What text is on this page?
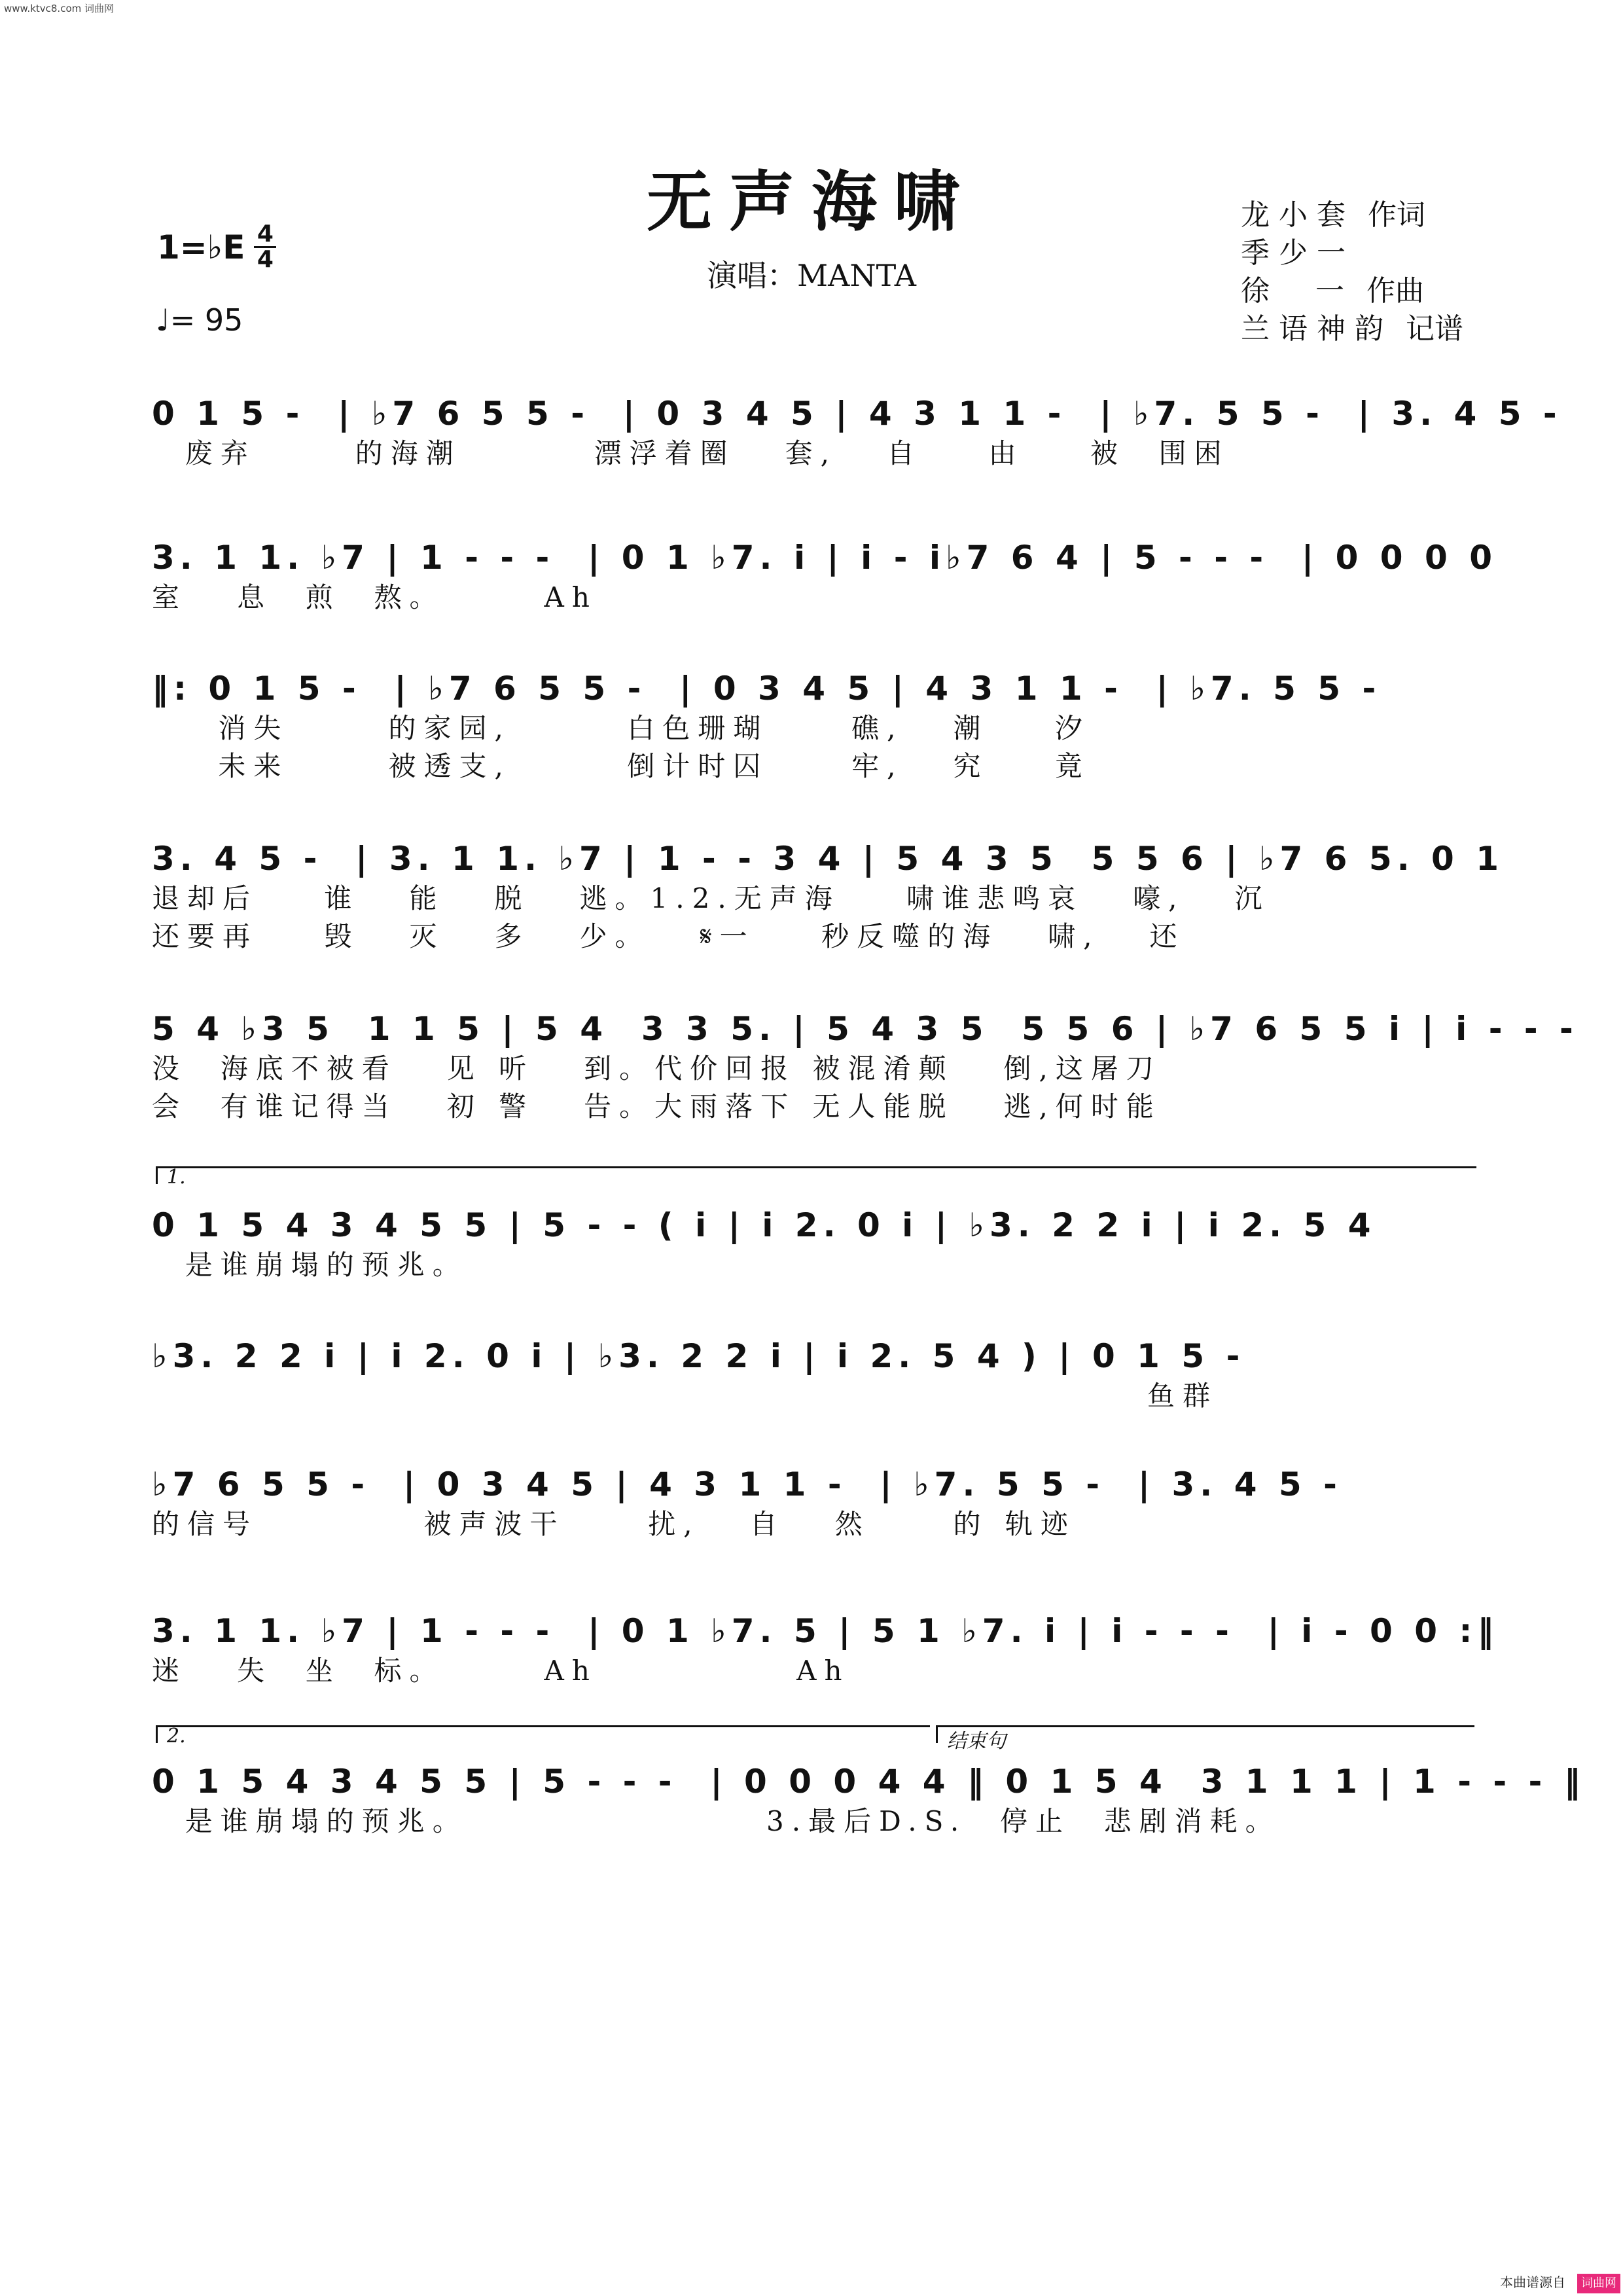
www.ktvc8.com 词曲网
无声海啸
演唱：MANTA
1=♭E $\frac{4}{4}$
♩= 95
龙小套 作词
季少一
徐  一 作曲
兰语神韵 记谱
0 1 5 -  | ♭7 6 5 5 -  | 0 3 4 5 | 4 3 1 1 -  | ♭7. 5 5 -  | 3. 4 5 -
废弃      的海潮        漂浮着圈   套,   自    由    被  围困
3. 1 1. ♭7 | 1 - - -  | 0 1 ♭7. i | i - i♭7 6 4 | 5 - - -  | 0 0 0 0
室   息  煎  熬。      Ah
‖: 0 1 5 -  | ♭7 6 5 5 -  | 0 3 4 5 | 4 3 1 1 -  | ♭7. 5 5 -
消失      的家园,       白色珊瑚     礁,   潮    汐
未来      被透支,       倒计时囚     牢,   究    竟
3. 4 5 -  | 3. 1 1. ♭7 | 1 - - 3 4 | 5 4 3 5  5 5 6 | ♭7 6 5. 0 1
退却后    谁   能   脱   逃。1.2.无声海    啸谁悲鸣哀   嚎,   沉
还要再    毁   灭   多   少。   𝄋一    秒反噬的海   啸,   还
5 4 ♭3 5  1 1 5 | 5 4  3 3 5. | 5 4 3 5  5 5 6 | ♭7 6 5 5 i | i - - -
没  海底不被看   见 听   到。代价回报 被混淆颠   倒,这屠刀
会  有谁记得当   初 警   告。大雨落下 无人能脱   逃,何时能
1.
0 1 5 4 3 4 5 5 | 5 - - ( i | i 2. 0 i | ♭3. 2 2 i | i 2. 5 4
是谁崩塌的预兆。
♭3. 2 2 i | i 2. 0 i | ♭3. 2 2 i | i 2. 5 4 ) | 0 1 5 -
鱼群
♭7 6 5 5 -  | 0 3 4 5 | 4 3 1 1 -  | ♭7. 5 5 -  | 3. 4 5 -
的信号          被声波干     扰,   自   然     的 轨迹
3. 1 1. ♭7 | 1 - - -  | 0 1 ♭7. 5 | 5 1 ♭7. i | i - - -  | i - 0 0 :‖
迷   失  坐  标。      Ah            Ah
2.	结束句
0 1 5 4 3 4 5 5 | 5 - - -  | 0 0 0 4 4 ‖ 0 1 5 4  3 1 1 1 | 1 - - - ‖
是谁崩塌的预兆。                  3.最后D.S.  停止  悲剧消耗。
本曲谱源自	词曲网
